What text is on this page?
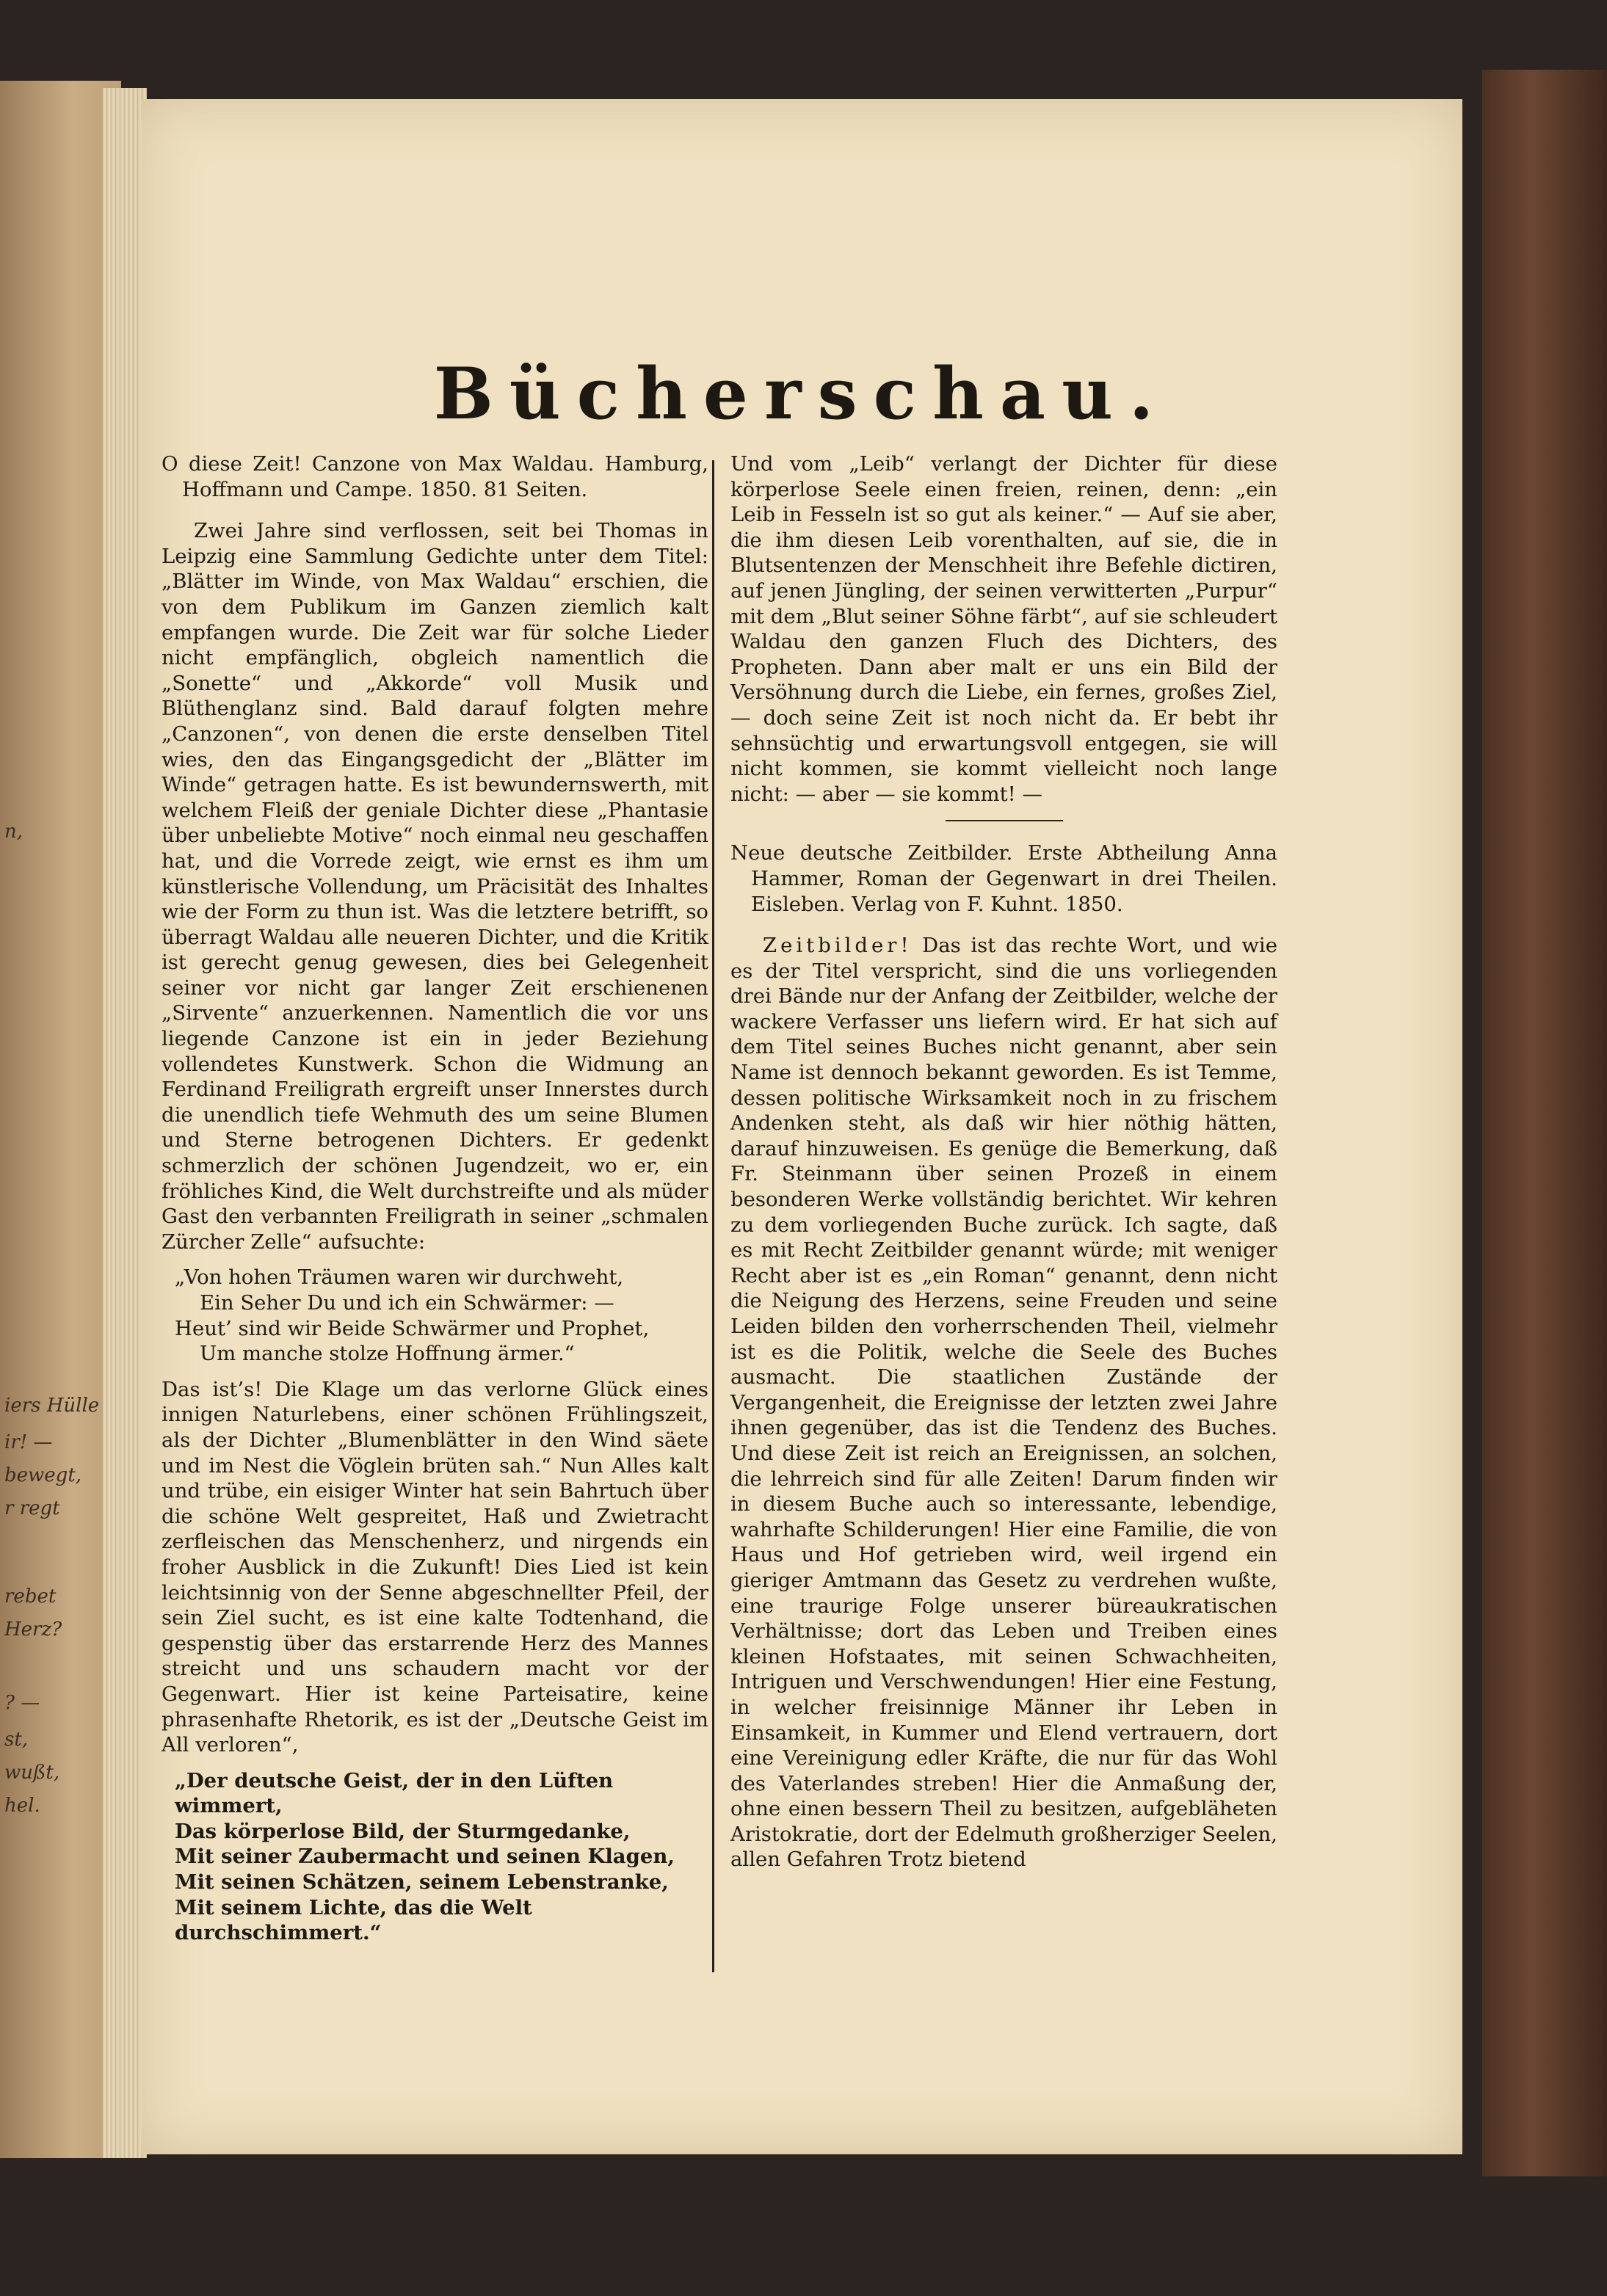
n,
iers Hülle
ir! —
bewegt,
r regt
rebet
Herz?
? —
st,
wußt,
hel.
Bücherschau.

O diese Zeit! Canzone von Max Waldau. Hamburg, Hoffmann und Campe. 1850. 81 Seiten.

Zwei Jahre sind verflossen, seit bei Thomas in Leipzig eine Sammlung Gedichte unter dem Titel: „Blätter im Winde, von Max Waldau“ erschien, die von dem Publikum im Ganzen ziemlich kalt empfangen wurde. Die Zeit war für solche Lieder nicht empfänglich, obgleich namentlich die „Sonette“ und „Akkorde“ voll Musik und Blüthenglanz sind. Bald darauf folgten mehre „Canzonen“, von denen die erste denselben Titel wies, den das Eingangsgedicht der „Blätter im Winde“ getragen hatte. Es ist bewundernswerth, mit welchem Fleiß der geniale Dichter diese „Phantasie über unbeliebte Motive“ noch einmal neu geschaffen hat, und die Vorrede zeigt, wie ernst es ihm um künstlerische Vollendung, um Präcisität des Inhaltes wie der Form zu thun ist. Was die letztere betrifft, so überragt Waldau alle neueren Dichter, und die Kritik ist gerecht genug gewesen, dies bei Gelegenheit seiner vor nicht gar langer Zeit erschienenen „Sirvente“ anzuerkennen. Namentlich die vor uns liegende Canzone ist ein in jeder Beziehung vollendetes Kunstwerk. Schon die Widmung an Ferdinand Freiligrath ergreift unser Innerstes durch die unendlich tiefe Wehmuth des um seine Blumen und Sterne betrogenen Dichters. Er gedenkt schmerzlich der schönen Jugendzeit, wo er, ein fröhliches Kind, die Welt durchstreifte und als müder Gast den verbannten Freiligrath in seiner „schmalen Zürcher Zelle“ aufsuchte:

„Von hohen Träumen waren wir durchweht,
Ein Seher Du und ich ein Schwärmer: —
Heut’ sind wir Beide Schwärmer und Prophet,
Um manche stolze Hoffnung ärmer.“

Das ist’s! Die Klage um das verlorne Glück eines innigen Naturlebens, einer schönen Frühlingszeit, als der Dichter „Blumenblätter in den Wind säete und im Nest die Vöglein brüten sah.“ Nun Alles kalt und trübe, ein eisiger Winter hat sein Bahrtuch über die schöne Welt gespreitet, Haß und Zwietracht zerfleischen das Menschenherz, und nirgends ein froher Ausblick in die Zukunft! Dies Lied ist kein leichtsinnig von der Senne abgeschnellter Pfeil, der sein Ziel sucht, es ist eine kalte Todtenhand, die gespenstig über das erstarrende Herz des Mannes streicht und uns schaudern macht vor der Gegenwart. Hier ist keine Parteisatire, keine phrasenhafte Rhetorik, es ist der „Deutsche Geist im All verloren“,

„Der deutsche Geist, der in den Lüften wimmert,
Das körperlose Bild, der Sturmgedanke,
Mit seiner Zaubermacht und seinen Klagen,
Mit seinen Schätzen, seinem Lebenstranke,
Mit seinem Lichte, das die Welt durchschimmert.“

Und vom „Leib“ verlangt der Dichter für diese körperlose Seele einen freien, reinen, denn: „ein Leib in Fesseln ist so gut als keiner.“ — Auf sie aber, die ihm diesen Leib vorenthalten, auf sie, die in Blutsentenzen der Menschheit ihre Befehle dictiren, auf jenen Jüngling, der seinen verwitterten „Purpur“ mit dem „Blut seiner Söhne färbt“, auf sie schleudert Waldau den ganzen Fluch des Dichters, des Propheten. Dann aber malt er uns ein Bild der Versöhnung durch die Liebe, ein fernes, großes Ziel, — doch seine Zeit ist noch nicht da. Er bebt ihr sehnsüchtig und erwartungsvoll entgegen, sie will nicht kommen, sie kommt vielleicht noch lange nicht: — aber — sie kommt! —

Neue deutsche Zeitbilder. Erste Abtheilung Anna Hammer, Roman der Gegenwart in drei Theilen. Eisleben. Verlag von F. Kuhnt. 1850.

Zeitbilder! Das ist das rechte Wort, und wie es der Titel verspricht, sind die uns vorliegenden drei Bände nur der Anfang der Zeitbilder, welche der wackere Verfasser uns liefern wird. Er hat sich auf dem Titel seines Buches nicht genannt, aber sein Name ist dennoch bekannt geworden. Es ist Temme, dessen politische Wirksamkeit noch in zu frischem Andenken steht, als daß wir hier nöthig hätten, darauf hinzuweisen. Es genüge die Bemerkung, daß Fr. Steinmann über seinen Prozeß in einem besonderen Werke vollständig berichtet. Wir kehren zu dem vorliegenden Buche zurück. Ich sagte, daß es mit Recht Zeitbilder genannt würde; mit weniger Recht aber ist es „ein Roman“ genannt, denn nicht die Neigung des Herzens, seine Freuden und seine Leiden bilden den vorherrschenden Theil, vielmehr ist es die Politik, welche die Seele des Buches ausmacht. Die staatlichen Zustände der Vergangenheit, die Ereignisse der letzten zwei Jahre ihnen gegenüber, das ist die Tendenz des Buches. Und diese Zeit ist reich an Ereignissen, an solchen, die lehrreich sind für alle Zeiten! Darum finden wir in diesem Buche auch so interessante, lebendige, wahrhafte Schilderungen! Hier eine Familie, die von Haus und Hof getrieben wird, weil irgend ein gieriger Amtmann das Gesetz zu verdrehen wußte, eine traurige Folge unserer büreaukratischen Verhältnisse; dort das Leben und Treiben eines kleinen Hofstaates, mit seinen Schwachheiten, Intriguen und Verschwendungen! Hier eine Festung, in welcher freisinnige Männer ihr Leben in Einsamkeit, in Kummer und Elend vertrauern, dort eine Vereinigung edler Kräfte, die nur für das Wohl des Vaterlandes streben! Hier die Anmaßung der, ohne einen bessern Theil zu besitzen, aufgebläheten Aristokratie, dort der Edelmuth großherziger Seelen, allen Gefahren Trotz bietend
